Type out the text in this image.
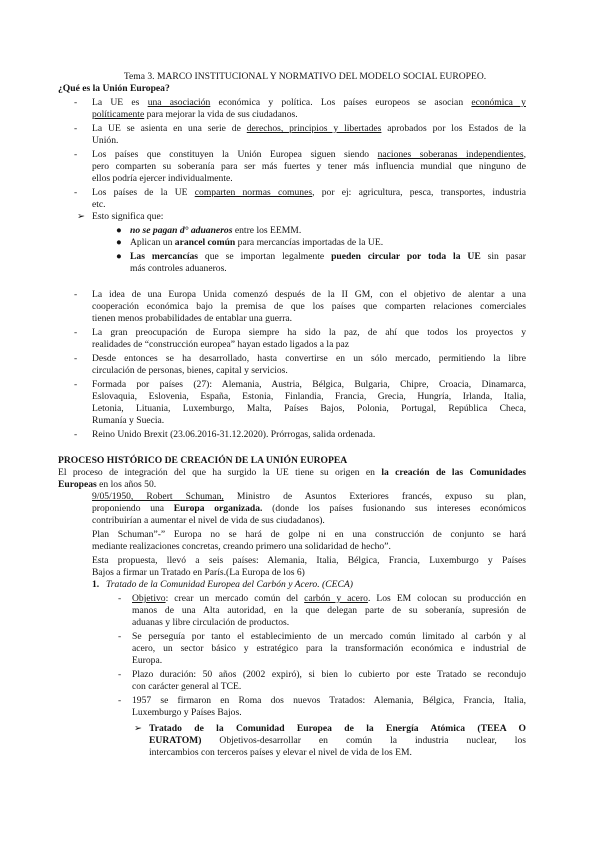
Tema 3. MARCO INSTITUCIONAL Y NORMATIVO DEL MODELO SOCIAL EUROPEO.
¿Qué es la Unión Europea?
- La UE es una asociación económica y política. Los países europeos se asocian económica y
políticamente para mejorar la vida de sus ciudadanos.
- La UE se asienta en una serie de derechos, principios y libertades aprobados por los Estados de la
Unión.
- Los países que constituyen la Unión Europea siguen siendo naciones soberanas independientes,
pero comparten su soberanía para ser más fuertes y tener más influencia mundial que ninguno de
ellos podría ejercer individualmente.
- Los países de la UE comparten normas comunes, por ej: agricultura, pesca, transportes, industria
etc.
➢ Esto significa que:
● no se pagan d° aduaneros entre los EEMM.
● Aplican un arancel común para mercancías importadas de la UE.
● Las mercancías que se importan legalmente pueden circular por toda la UE sin pasar
más controles aduaneros.
- La idea de una Europa Unida comenzó después de la II GM, con el objetivo de alentar a una
cooperación económica bajo la premisa de que los países que comparten relaciones comerciales
tienen menos probabilidades de entablar una guerra.
- La gran preocupación de Europa siempre ha sido la paz, de ahí que todos los proyectos y
realidades de “construcción europea” hayan estado ligados a la paz
- Desde entonces se ha desarrollado, hasta convertirse en un sólo mercado, permitiendo la libre
circulación de personas, bienes, capital y servicios.
- Formada por países (27): Alemania, Austria, Bélgica, Bulgaria, Chipre, Croacia, Dinamarca,
Eslovaquia, Eslovenia, España, Estonia, Finlandia, Francia, Grecia, Hungría, Irlanda, Italia,
Letonia, Lituania, Luxemburgo, Malta, Países Bajos, Polonia, Portugal, República Checa,
Rumanía y Suecia.
- Reino Unido Brexit (23.06.2016-31.12.2020). Prórrogas, salida ordenada.
PROCESO HISTÓRICO DE CREACIÓN DE LA UNIÓN EUROPEA
El proceso de integración del que ha surgido la UE tiene su origen en la creación de las Comunidades
Europeas en los años 50.
9/05/1950, Robert Schuman, Ministro de Asuntos Exteriores francés, expuso su plan,
proponiendo una Europa organizada. (donde los países fusionando sus intereses económicos
contribuirían a aumentar el nivel de vida de sus ciudadanos).
Plan Schuman”-” Europa no se hará de golpe ni en una construcción de conjunto se hará
mediante realizaciones concretas, creando primero una solidaridad de hecho”.
Esta propuesta, llevó a seis países: Alemania, Italia, Bélgica, Francia, Luxemburgo y Países
Bajos a firmar un Tratado en París.(La Europa de los 6)
1. Tratado de la Comunidad Europea del Carbón y Acero. (CECA)
- Objetivo: crear un mercado común del carbón y acero. Los EM colocan su producción en
manos de una Alta autoridad, en la que delegan parte de su soberanía, supresión de
aduanas y libre circulación de productos.
- Se perseguía por tanto el establecimiento de un mercado común limitado al carbón y al
acero, un sector básico y estratégico para la transformación económica e industrial de
Europa.
- Plazo duración: 50 años (2002 expiró), si bien lo cubierto por este Tratado se recondujo
con carácter general al TCE.
- 1957 se firmaron en Roma dos nuevos Tratados: Alemania, Bélgica, Francia, Italia,
Luxemburgo y Países Bajos.
➢ Tratado de la Comunidad Europea de la Energía Atómica (TEEA O
EURATOM) Objetivos-desarrollar en común la industria nuclear, los
intercambios con terceros países y elevar el nivel de vida de los EM.
